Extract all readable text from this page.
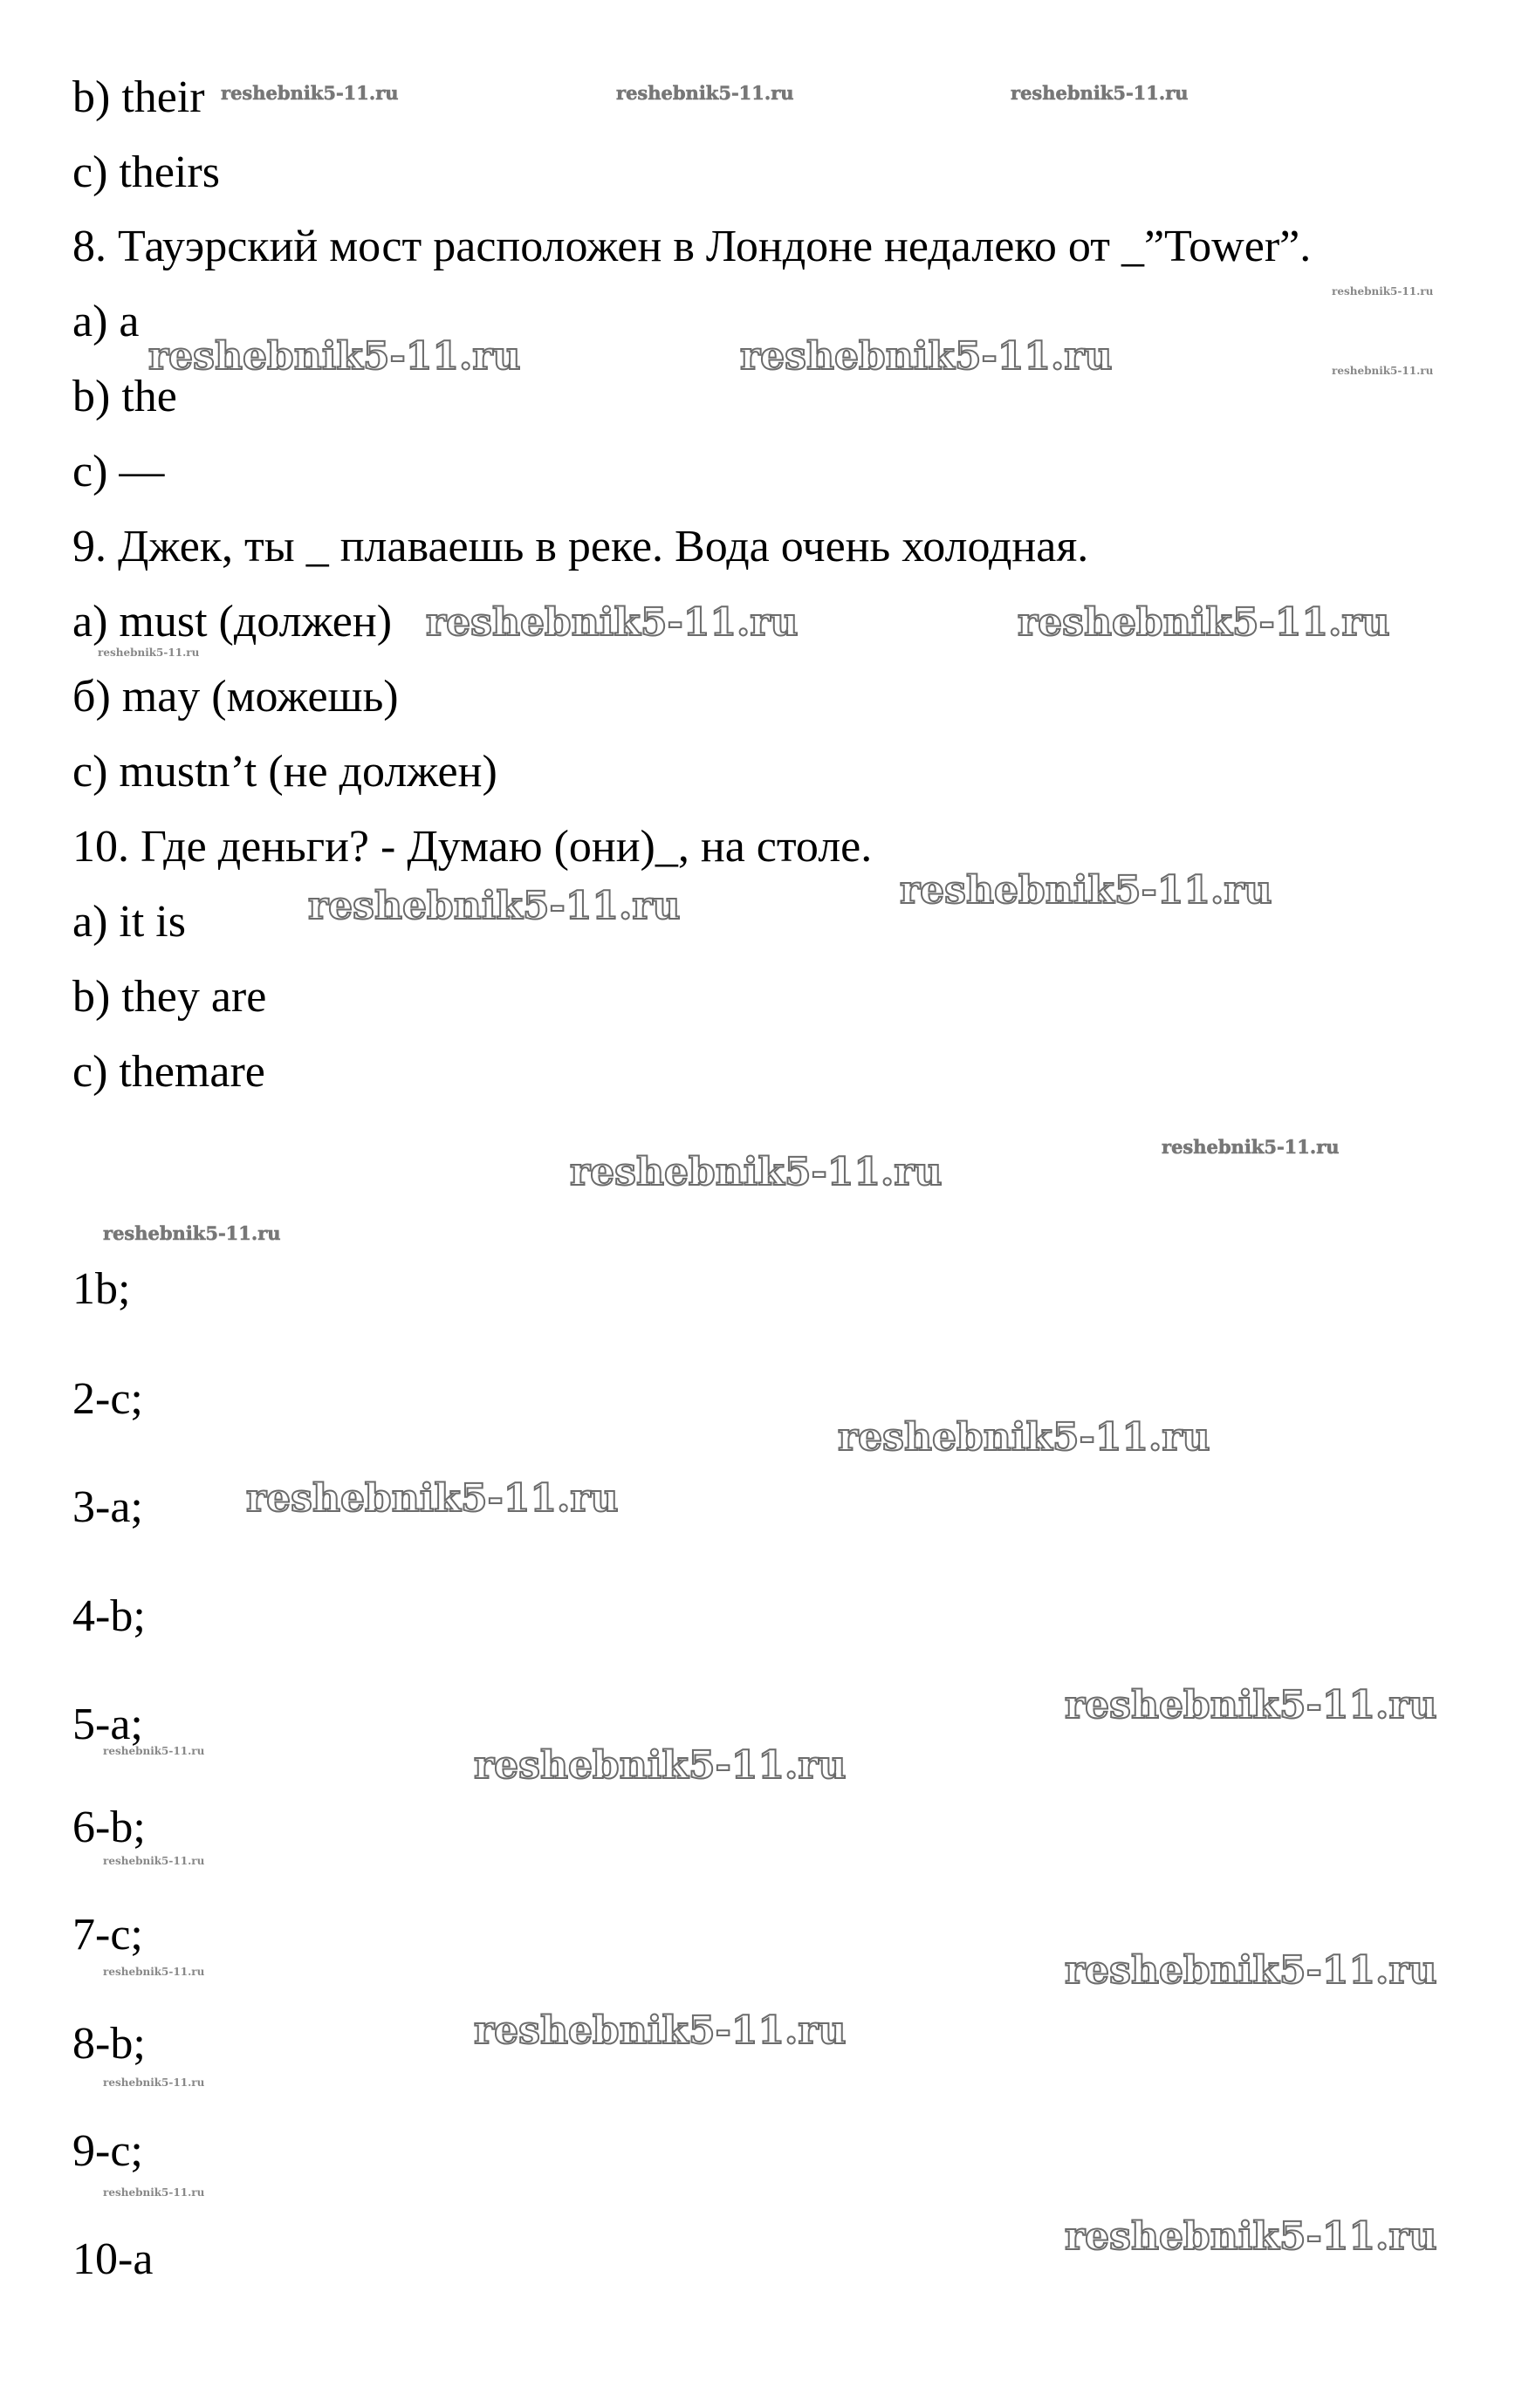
b) their
c) theirs
8. Тауэрский мост расположен в Лондоне недалеко от _”Tower”.
a) a
b) the
c) —
9. Джек, ты _ плаваешь в реке. Вода очень холодная.
a) must (должен)
б) may (можешь)
c) mustn’t (не должен)
10. Где деньги? - Думаю (они)_, на столе.
a) it is
b) they are
c) themare
1b;
2-c;
3-a;
4-b;
5-a;
6-b;
7-c;
8-b;
9-c;
10-a
reshebnik5-11.ru	reshebnik5-11.ru	reshebnik5-11.ru
reshebnik5-11.ru
reshebnik5-11.ru	reshebnik5-11.ru	reshebnik5-11.ru
reshebnik5-11.ru	reshebnik5-11.ru
reshebnik5-11.ru
reshebnik5-11.ru
reshebnik5-11.ru
reshebnik5-11.ru
reshebnik5-11.ru
reshebnik5-11.ru
reshebnik5-11.ru
reshebnik5-11.ru
reshebnik5-11.ru
reshebnik5-11.ru	reshebnik5-11.ru
reshebnik5-11.ru
reshebnik5-11.ru
reshebnik5-11.ru
reshebnik5-11.ru
reshebnik5-11.ru
reshebnik5-11.ru
reshebnik5-11.ru
